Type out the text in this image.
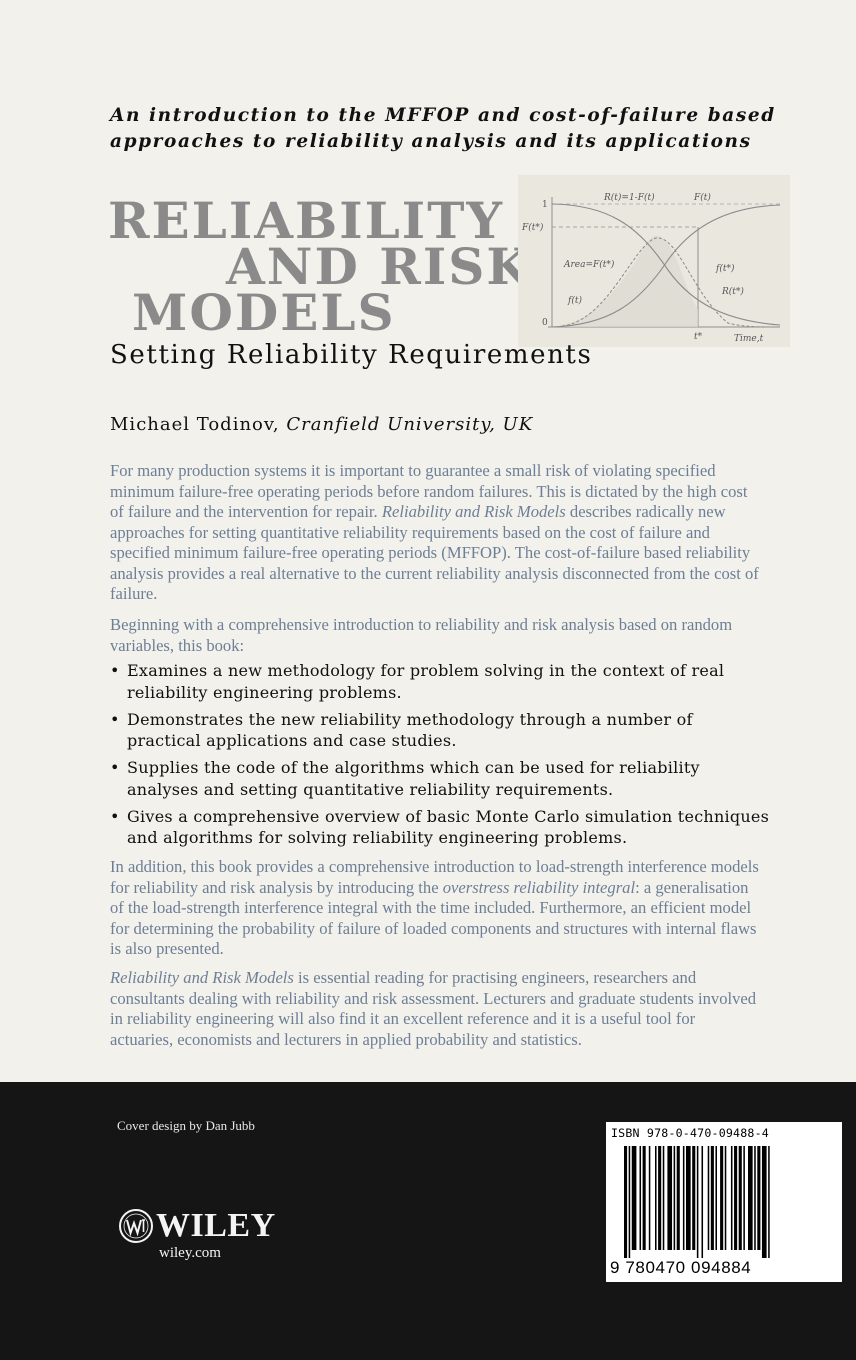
An introduction to the MFFOP and cost-of-failure based approaches to reliability analysis and its applications
RELIABILITY
AND RISK
MODELS
1
0
F(t*)
R(t)=1-F(t)	F(t)
Area=F(t*)
f(t)
f(t*)
R(t*)
t*	Time,t
Setting Reliability Requirements
Michael Todinov, Cranfield University, UK
For many production systems it is important to guarantee a small risk of violating specified minimum failure-free operating periods before random failures. This is dictated by the high cost of failure and the intervention for repair. Reliability and Risk Models describes radically new approaches for setting quantitative reliability requirements based on the cost of failure and specified minimum failure-free operating periods (MFFOP). The cost-of-failure based reliability analysis provides a real alternative to the current reliability analysis disconnected from the cost of failure.
Beginning with a comprehensive introduction to reliability and risk analysis based on random variables, this book:
• Examines a new methodology for problem solving in the context of real reliability engineering problems.
• Demonstrates the new reliability methodology through a number of practical applications and case studies.
• Supplies the code of the algorithms which can be used for reliability analyses and setting quantitative reliability requirements.
• Gives a comprehensive overview of basic Monte Carlo simulation techniques and algorithms for solving reliability engineering problems.
In addition, this book provides a comprehensive introduction to load-strength interference models for reliability and risk analysis by introducing the overstress reliability integral: a generalisation of the load-strength interference integral with the time included. Furthermore, an efficient model for determining the probability of failure of loaded components and structures with internal flaws is also presented.
Reliability and Risk Models is essential reading for practising engineers, researchers and consultants dealing with reliability and risk assessment. Lecturers and graduate students involved in reliability engineering will also find it an excellent reference and it is a useful tool for actuaries, economists and lecturers in applied probability and statistics.
Cover design by Dan Jubb
WILEY
wiley.com
ISBN 978-0-470-09488-4
9 780470 094884
